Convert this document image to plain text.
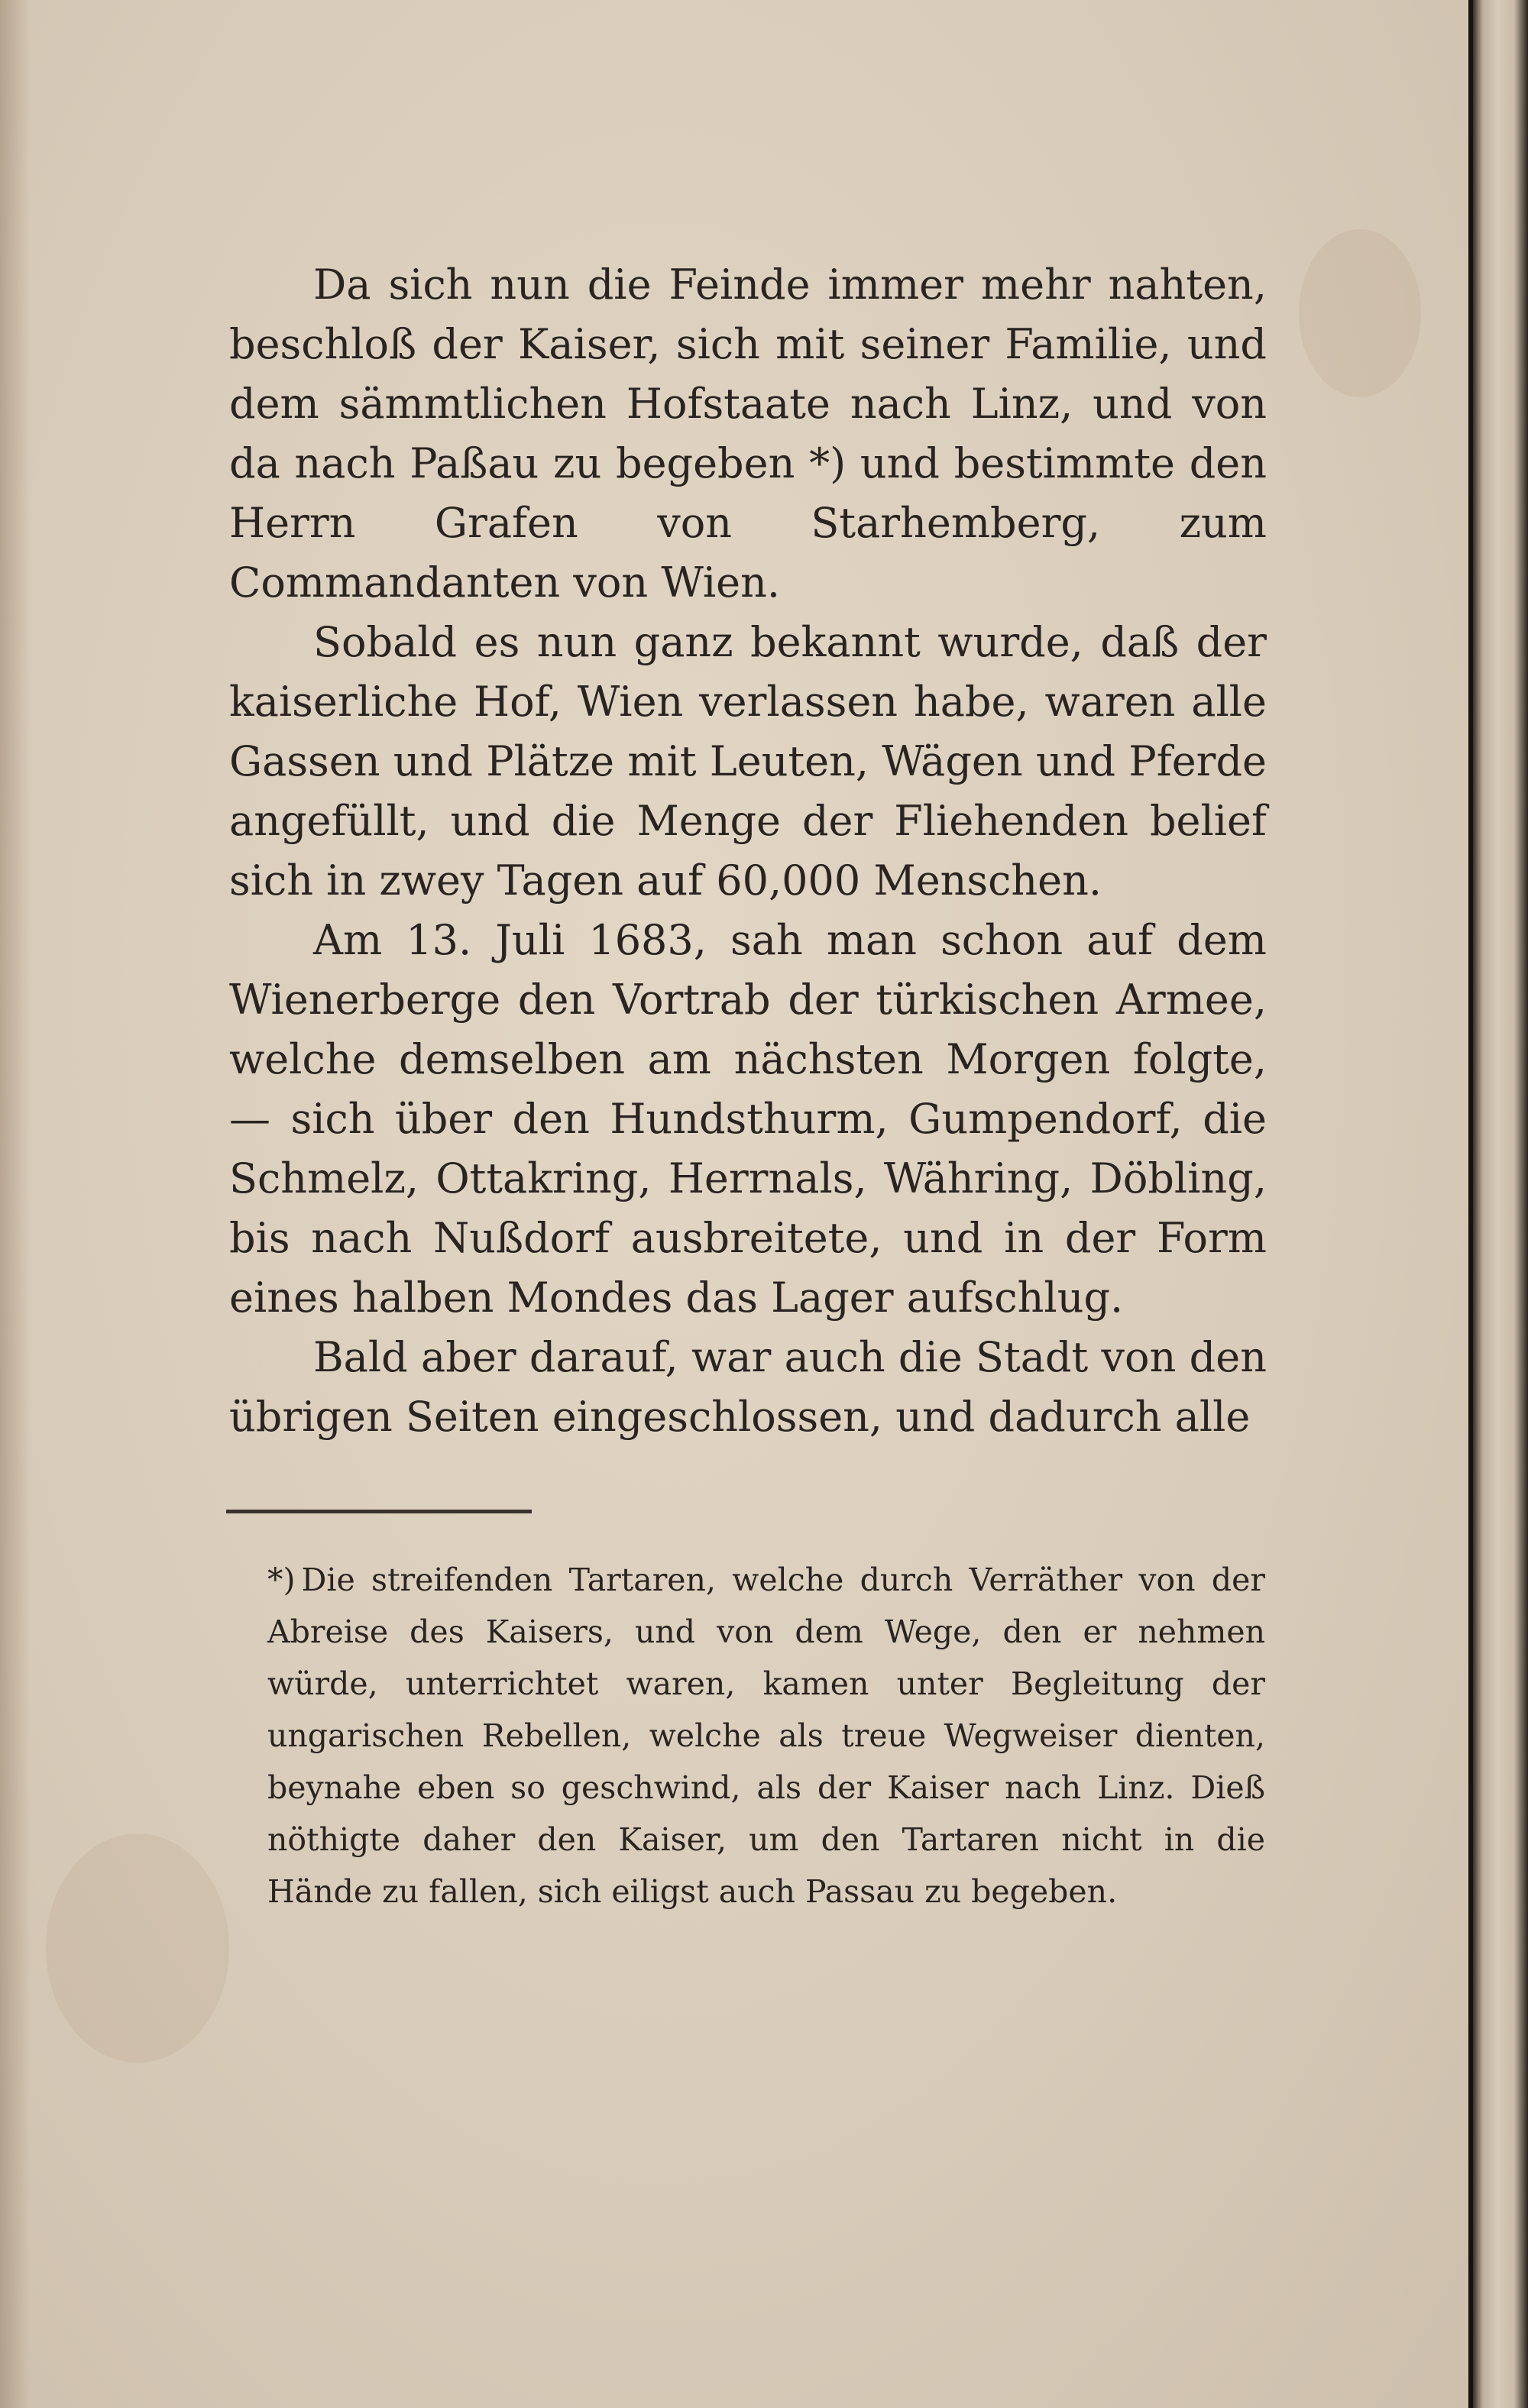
Da sich nun die Feinde immer mehr nahten, beschloß der Kaiser, sich mit seiner Familie, und dem sämmtlichen Hofstaate nach Linz, und von da nach Paßau zu begeben *) und bestimmte den Herrn Grafen von Starhemberg, zum Commandanten von Wien.

Sobald es nun ganz bekannt wurde, daß der kaiserliche Hof, Wien verlassen habe, waren alle Gassen und Plätze mit Leuten, Wägen und Pferde angefüllt, und die Menge der Fliehenden belief sich in zwey Tagen auf 60,000 Menschen.

Am 13. Juli 1683, sah man schon auf dem Wienerberge den Vortrab der türkischen Armee, welche demselben am nächsten Morgen folgte, — sich über den Hundsthurm, Gumpendorf, die Schmelz, Ottakring, Herrnals, Währing, Döbling, bis nach Nußdorf ausbreitete, und in der Form eines halben Mondes das Lager aufschlug.

Bald aber darauf, war auch die Stadt von den übrigen Seiten eingeschlossen, und dadurch alle

*) Die streifenden Tartaren, welche durch Verräther von der Abreise des Kaisers, und von dem Wege, den er nehmen würde, unterrichtet waren, kamen unter Begleitung der ungarischen Rebellen, welche als treue Wegweiser dienten, beynahe eben so geschwind, als der Kaiser nach Linz. Dieß nöthigte daher den Kaiser, um den Tartaren nicht in die Hände zu fallen, sich eiligst auch Passau zu begeben.
